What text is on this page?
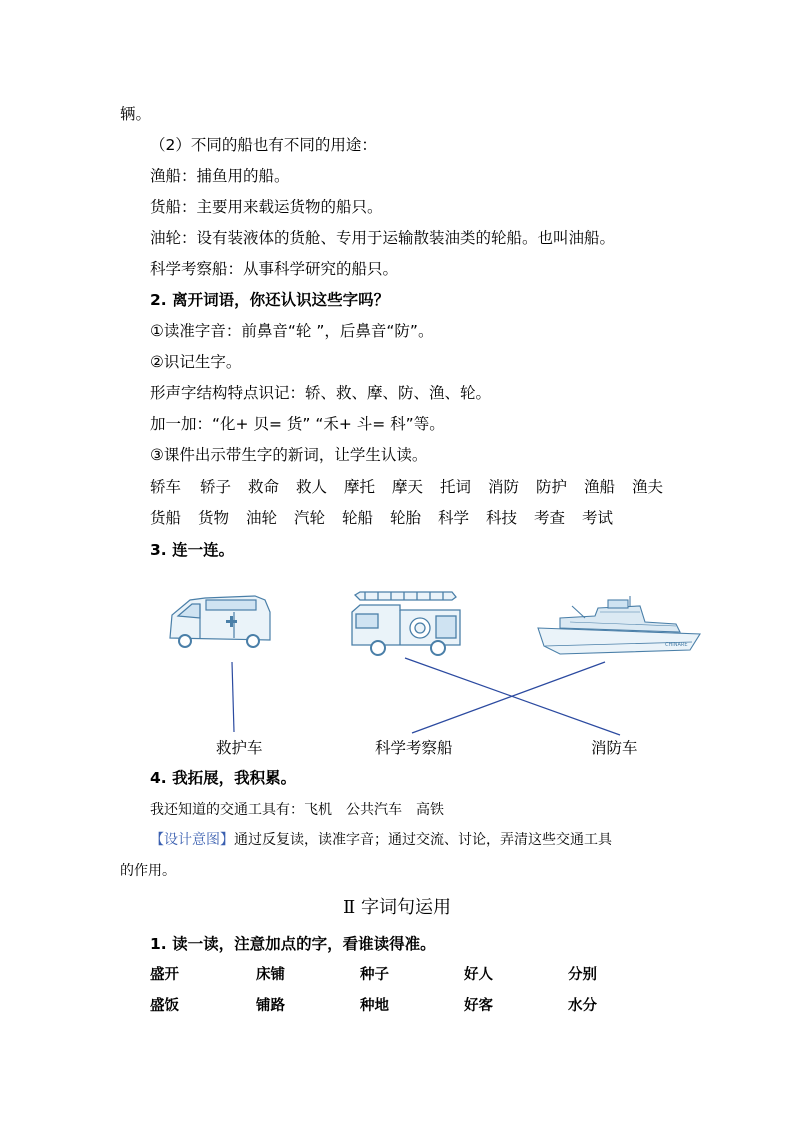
辆。
（2）不同的船也有不同的用途：
渔船：捕鱼用的船。
货船：主要用来载运货物的船只。
油轮：设有装液体的货舱、专用于运输散装油类的轮船。也叫油船。
科学考察船：从事科学研究的船只。
2. 离开词语，你还认识这些字吗？
①读准字音：前鼻音“轮 ”，后鼻音“防”。
②识记生字。
形声字结构特点识记：轿、救、摩、防、渔、轮。
加一加：“化+ 贝= 货” “禾+ 斗= 科”等。
③课件出示带生字的新词，让学生认读。
轿车 轿子 救命 救人 摩托 摩天 托词 消防 防护 渔船 渔夫
货船 货物 油轮 汽轮 轮船 轮胎 科学 科技 考查 考试
3. 连一连。
CHINARE
救护车	科学考察船	消防车
4. 我拓展，我积累。
我还知道的交通工具有：飞机　公共汽车　高铁
【设计意图】通过反复读，读准字音；通过交流、讨论，弄清这些交通工具
的作用。
Ⅱ 字词句运用
1. 读一读，注意加点的字，看谁读得准。
盛开	床铺	种子	好人	分别
盛饭	铺路	种地	好客	水分
